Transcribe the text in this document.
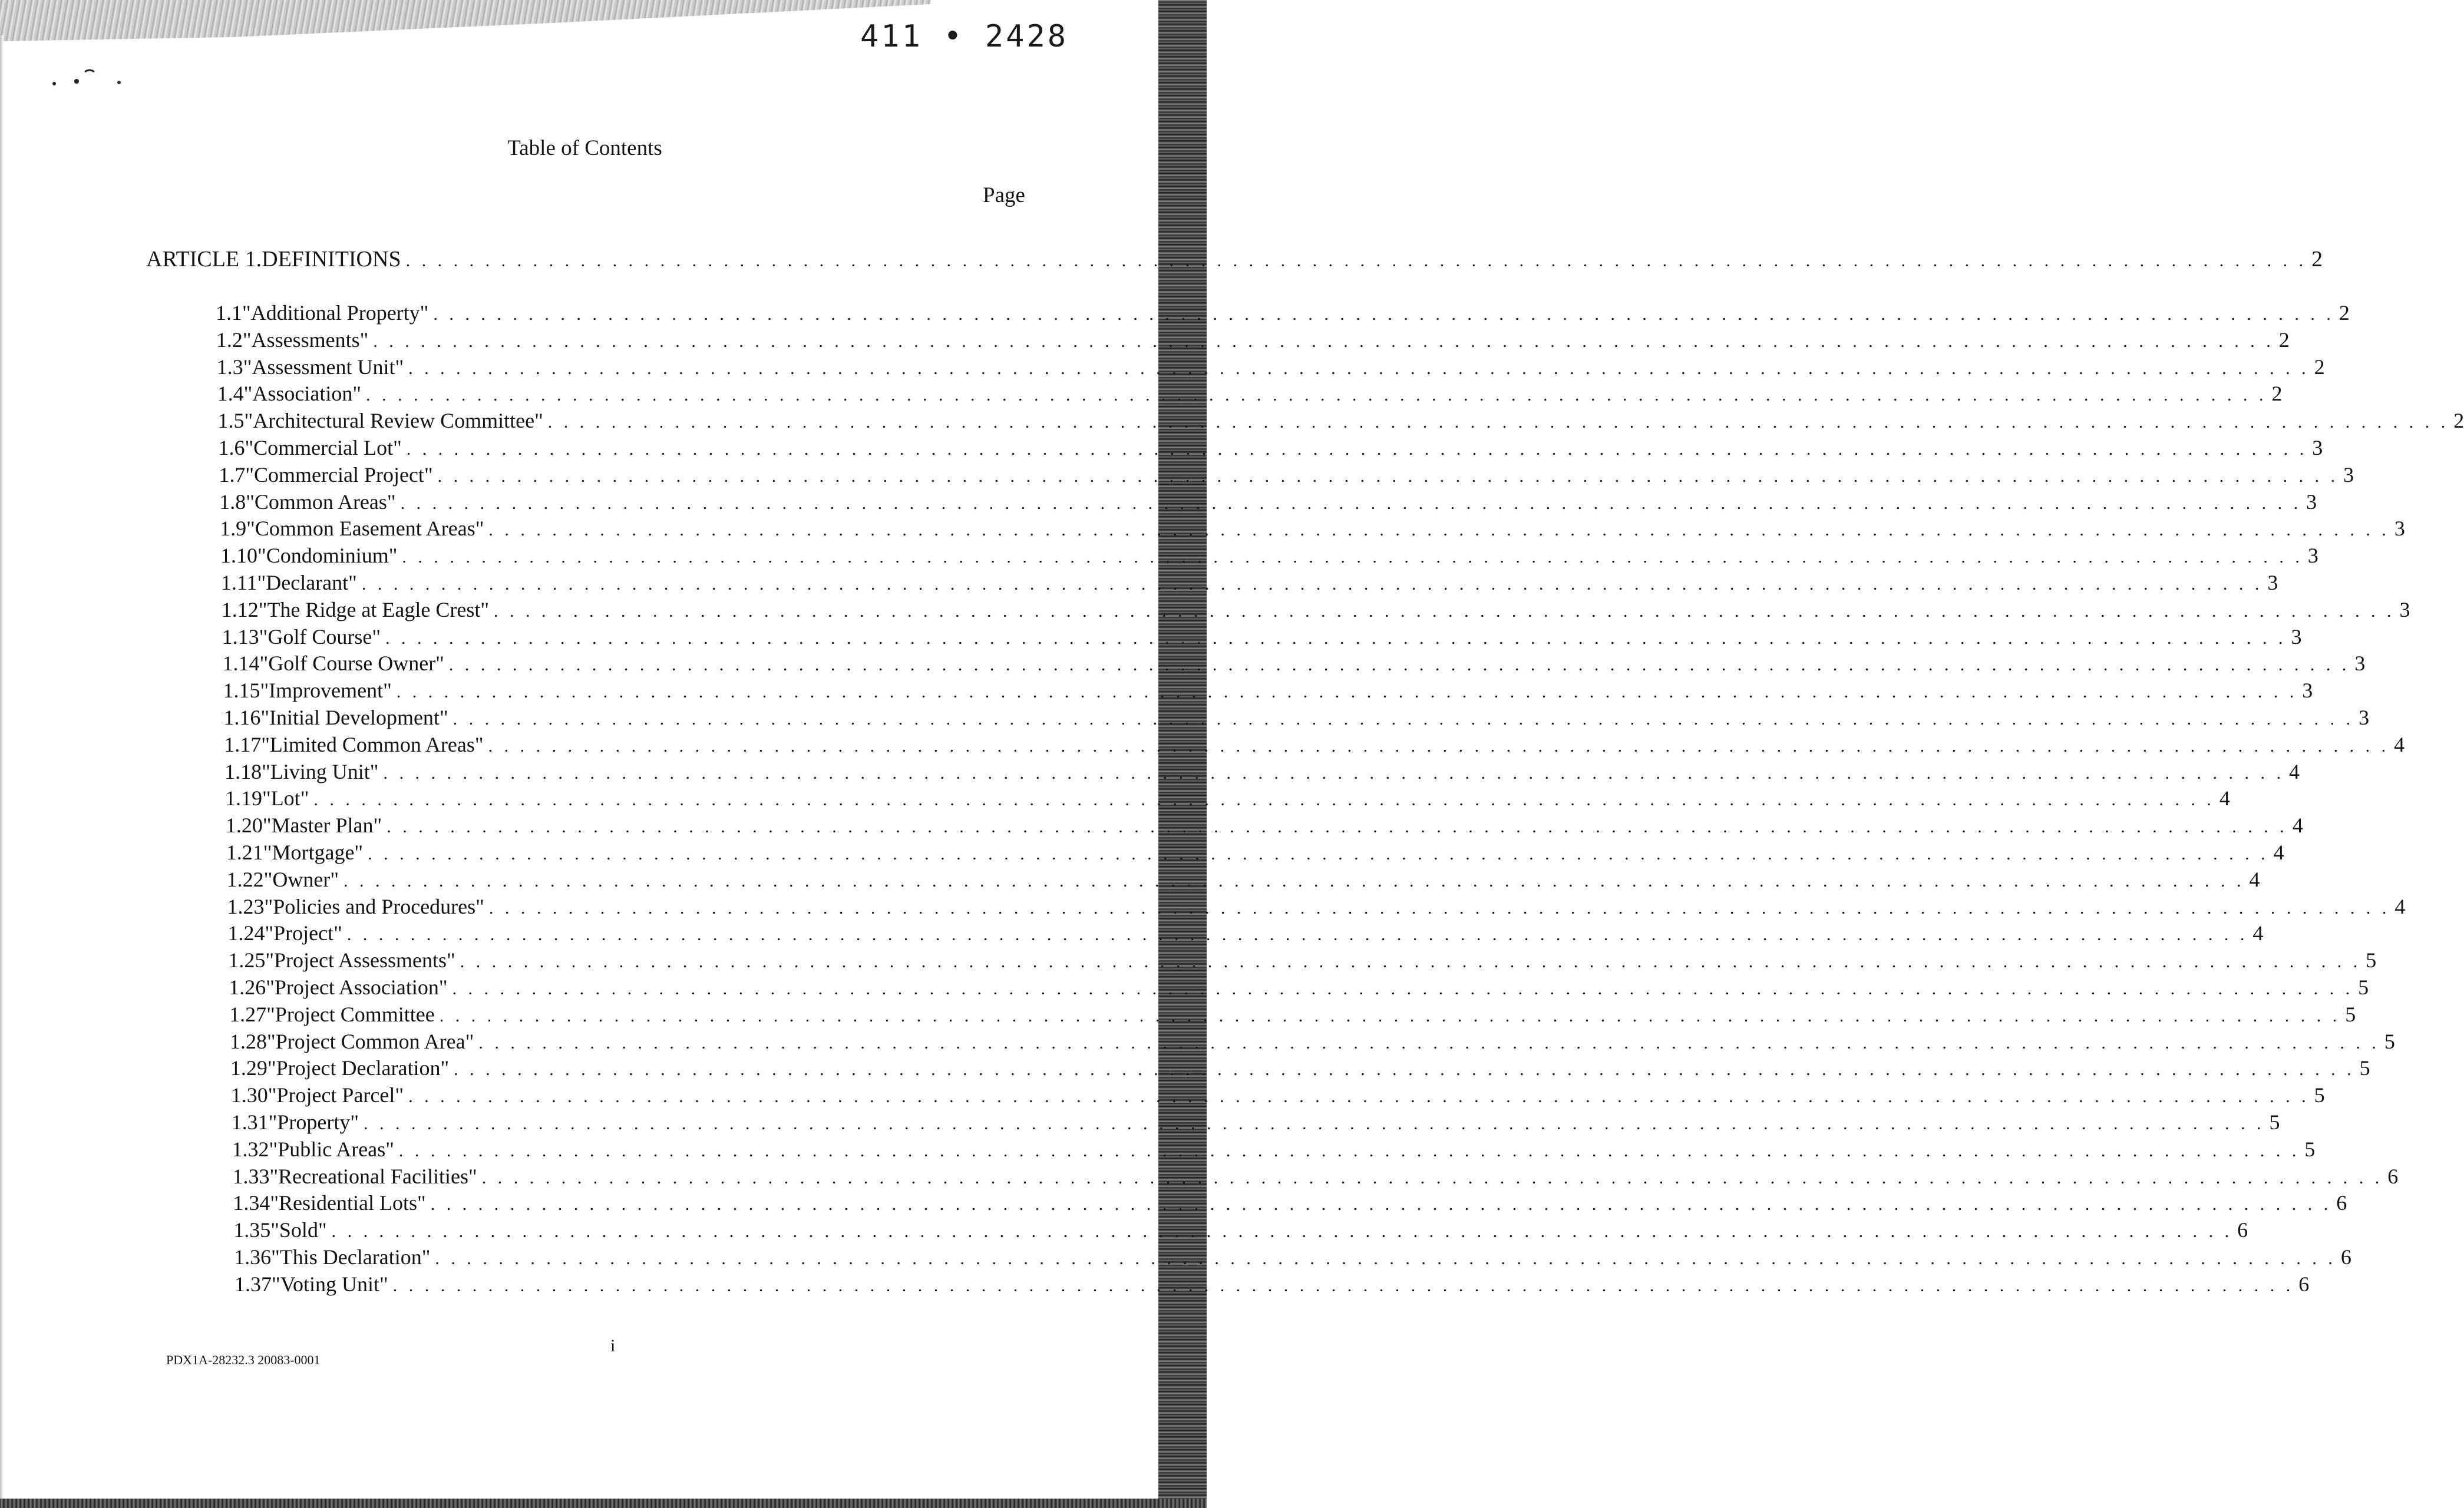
411 • 2428
Table of Contents
Page
ARTICLE 1. DEFINITIONS . . . . . . . . . . . . . . . . . . . . . . . . . . . . . . . . . . . . . . . . . . . . . . . . . . . . . . . . . . . . . . . . . . . . . . . . . . . . . . . . . . . . . . . . . . . . . . . . . . . . . . . . . . . . . . . . . . . . . . . . 2
1.1 "Additional Property" . . . . . . . . . . . . . . . . . . . . . . . . . . . . . . . . . . . . . . . . . . . . . . . . . . . . . . . . . . . . . . . . . . . . . . . . . . . . . . . . . . . . . . . . . . . . . . . . . . . . . . . . . . . . . . . . . . . . . . . . 2
1.2 "Assessments" . . . . . . . . . . . . . . . . . . . . . . . . . . . . . . . . . . . . . . . . . . . . . . . . . . . . . . . . . . . . . . . . . . . . . . . . . . . . . . . . . . . . . . . . . . . . . . . . . . . . . . . . . . . . . . . . . . . . . . . . 2
1.3 "Assessment Unit" . . . . . . . . . . . . . . . . . . . . . . . . . . . . . . . . . . . . . . . . . . . . . . . . . . . . . . . . . . . . . . . . . . . . . . . . . . . . . . . . . . . . . . . . . . . . . . . . . . . . . . . . . . . . . . . . . . . . . . . . 2
1.4 "Association" . . . . . . . . . . . . . . . . . . . . . . . . . . . . . . . . . . . . . . . . . . . . . . . . . . . . . . . . . . . . . . . . . . . . . . . . . . . . . . . . . . . . . . . . . . . . . . . . . . . . . . . . . . . . . . . . . . . . . . . . 2
1.5 "Architectural Review Committee" . . . . . . . . . . . . . . . . . . . . . . . . . . . . . . . . . . . . . . . . . . . . . . . . . . . . . . . . . . . . . . . . . . . . . . . . . . . . . . . . . . . . . . . . . . . . . . . . . . . . . . . . . . . . . . . . . . . . . . . . 2
1.6 "Commercial Lot" . . . . . . . . . . . . . . . . . . . . . . . . . . . . . . . . . . . . . . . . . . . . . . . . . . . . . . . . . . . . . . . . . . . . . . . . . . . . . . . . . . . . . . . . . . . . . . . . . . . . . . . . . . . . . . . . . . . . . . . . 3
1.7 "Commercial Project" . . . . . . . . . . . . . . . . . . . . . . . . . . . . . . . . . . . . . . . . . . . . . . . . . . . . . . . . . . . . . . . . . . . . . . . . . . . . . . . . . . . . . . . . . . . . . . . . . . . . . . . . . . . . . . . . . . . . . . . . 3
1.8 "Common Areas" . . . . . . . . . . . . . . . . . . . . . . . . . . . . . . . . . . . . . . . . . . . . . . . . . . . . . . . . . . . . . . . . . . . . . . . . . . . . . . . . . . . . . . . . . . . . . . . . . . . . . . . . . . . . . . . . . . . . . . . . 3
1.9 "Common Easement Areas" . . . . . . . . . . . . . . . . . . . . . . . . . . . . . . . . . . . . . . . . . . . . . . . . . . . . . . . . . . . . . . . . . . . . . . . . . . . . . . . . . . . . . . . . . . . . . . . . . . . . . . . . . . . . . . . . . . . . . . . . 3
1.10 "Condominium" . . . . . . . . . . . . . . . . . . . . . . . . . . . . . . . . . . . . . . . . . . . . . . . . . . . . . . . . . . . . . . . . . . . . . . . . . . . . . . . . . . . . . . . . . . . . . . . . . . . . . . . . . . . . . . . . . . . . . . . . 3
1.11 "Declarant" . . . . . . . . . . . . . . . . . . . . . . . . . . . . . . . . . . . . . . . . . . . . . . . . . . . . . . . . . . . . . . . . . . . . . . . . . . . . . . . . . . . . . . . . . . . . . . . . . . . . . . . . . . . . . . . . . . . . . . . . 3
1.12 "The Ridge at Eagle Crest" . . . . . . . . . . . . . . . . . . . . . . . . . . . . . . . . . . . . . . . . . . . . . . . . . . . . . . . . . . . . . . . . . . . . . . . . . . . . . . . . . . . . . . . . . . . . . . . . . . . . . . . . . . . . . . . . . . . . . . . . 3
1.13 "Golf Course" . . . . . . . . . . . . . . . . . . . . . . . . . . . . . . . . . . . . . . . . . . . . . . . . . . . . . . . . . . . . . . . . . . . . . . . . . . . . . . . . . . . . . . . . . . . . . . . . . . . . . . . . . . . . . . . . . . . . . . . . 3
1.14 "Golf Course Owner" . . . . . . . . . . . . . . . . . . . . . . . . . . . . . . . . . . . . . . . . . . . . . . . . . . . . . . . . . . . . . . . . . . . . . . . . . . . . . . . . . . . . . . . . . . . . . . . . . . . . . . . . . . . . . . . . . . . . . . . . 3
1.15 "Improvement" . . . . . . . . . . . . . . . . . . . . . . . . . . . . . . . . . . . . . . . . . . . . . . . . . . . . . . . . . . . . . . . . . . . . . . . . . . . . . . . . . . . . . . . . . . . . . . . . . . . . . . . . . . . . . . . . . . . . . . . . 3
1.16 "Initial Development" . . . . . . . . . . . . . . . . . . . . . . . . . . . . . . . . . . . . . . . . . . . . . . . . . . . . . . . . . . . . . . . . . . . . . . . . . . . . . . . . . . . . . . . . . . . . . . . . . . . . . . . . . . . . . . . . . . . . . . . . 3
1.17 "Limited Common Areas" . . . . . . . . . . . . . . . . . . . . . . . . . . . . . . . . . . . . . . . . . . . . . . . . . . . . . . . . . . . . . . . . . . . . . . . . . . . . . . . . . . . . . . . . . . . . . . . . . . . . . . . . . . . . . . . . . . . . . . . . 4
1.18 "Living Unit" . . . . . . . . . . . . . . . . . . . . . . . . . . . . . . . . . . . . . . . . . . . . . . . . . . . . . . . . . . . . . . . . . . . . . . . . . . . . . . . . . . . . . . . . . . . . . . . . . . . . . . . . . . . . . . . . . . . . . . . . 4
1.19 "Lot" . . . . . . . . . . . . . . . . . . . . . . . . . . . . . . . . . . . . . . . . . . . . . . . . . . . . . . . . . . . . . . . . . . . . . . . . . . . . . . . . . . . . . . . . . . . . . . . . . . . . . . . . . . . . . . . . . . . . . . . . 4
1.20 "Master Plan" . . . . . . . . . . . . . . . . . . . . . . . . . . . . . . . . . . . . . . . . . . . . . . . . . . . . . . . . . . . . . . . . . . . . . . . . . . . . . . . . . . . . . . . . . . . . . . . . . . . . . . . . . . . . . . . . . . . . . . . . 4
1.21 "Mortgage" . . . . . . . . . . . . . . . . . . . . . . . . . . . . . . . . . . . . . . . . . . . . . . . . . . . . . . . . . . . . . . . . . . . . . . . . . . . . . . . . . . . . . . . . . . . . . . . . . . . . . . . . . . . . . . . . . . . . . . . . 4
1.22 "Owner" . . . . . . . . . . . . . . . . . . . . . . . . . . . . . . . . . . . . . . . . . . . . . . . . . . . . . . . . . . . . . . . . . . . . . . . . . . . . . . . . . . . . . . . . . . . . . . . . . . . . . . . . . . . . . . . . . . . . . . . . 4
1.23 "Policies and Procedures" . . . . . . . . . . . . . . . . . . . . . . . . . . . . . . . . . . . . . . . . . . . . . . . . . . . . . . . . . . . . . . . . . . . . . . . . . . . . . . . . . . . . . . . . . . . . . . . . . . . . . . . . . . . . . . . . . . . . . . . . 4
1.24 "Project" . . . . . . . . . . . . . . . . . . . . . . . . . . . . . . . . . . . . . . . . . . . . . . . . . . . . . . . . . . . . . . . . . . . . . . . . . . . . . . . . . . . . . . . . . . . . . . . . . . . . . . . . . . . . . . . . . . . . . . . . 4
1.25 "Project Assessments" . . . . . . . . . . . . . . . . . . . . . . . . . . . . . . . . . . . . . . . . . . . . . . . . . . . . . . . . . . . . . . . . . . . . . . . . . . . . . . . . . . . . . . . . . . . . . . . . . . . . . . . . . . . . . . . . . . . . . . . . 5
1.26 "Project Association" . . . . . . . . . . . . . . . . . . . . . . . . . . . . . . . . . . . . . . . . . . . . . . . . . . . . . . . . . . . . . . . . . . . . . . . . . . . . . . . . . . . . . . . . . . . . . . . . . . . . . . . . . . . . . . . . . . . . . . . . 5
1.27 "Project Committee . . . . . . . . . . . . . . . . . . . . . . . . . . . . . . . . . . . . . . . . . . . . . . . . . . . . . . . . . . . . . . . . . . . . . . . . . . . . . . . . . . . . . . . . . . . . . . . . . . . . . . . . . . . . . . . . . . . . . . . . 5
1.28 "Project Common Area" . . . . . . . . . . . . . . . . . . . . . . . . . . . . . . . . . . . . . . . . . . . . . . . . . . . . . . . . . . . . . . . . . . . . . . . . . . . . . . . . . . . . . . . . . . . . . . . . . . . . . . . . . . . . . . . . . . . . . . . . 5
1.29 "Project Declaration" . . . . . . . . . . . . . . . . . . . . . . . . . . . . . . . . . . . . . . . . . . . . . . . . . . . . . . . . . . . . . . . . . . . . . . . . . . . . . . . . . . . . . . . . . . . . . . . . . . . . . . . . . . . . . . . . . . . . . . . . 5
1.30 "Project Parcel" . . . . . . . . . . . . . . . . . . . . . . . . . . . . . . . . . . . . . . . . . . . . . . . . . . . . . . . . . . . . . . . . . . . . . . . . . . . . . . . . . . . . . . . . . . . . . . . . . . . . . . . . . . . . . . . . . . . . . . . . 5
1.31 "Property" . . . . . . . . . . . . . . . . . . . . . . . . . . . . . . . . . . . . . . . . . . . . . . . . . . . . . . . . . . . . . . . . . . . . . . . . . . . . . . . . . . . . . . . . . . . . . . . . . . . . . . . . . . . . . . . . . . . . . . . . 5
1.32 "Public Areas" . . . . . . . . . . . . . . . . . . . . . . . . . . . . . . . . . . . . . . . . . . . . . . . . . . . . . . . . . . . . . . . . . . . . . . . . . . . . . . . . . . . . . . . . . . . . . . . . . . . . . . . . . . . . . . . . . . . . . . . . 5
1.33 "Recreational Facilities" . . . . . . . . . . . . . . . . . . . . . . . . . . . . . . . . . . . . . . . . . . . . . . . . . . . . . . . . . . . . . . . . . . . . . . . . . . . . . . . . . . . . . . . . . . . . . . . . . . . . . . . . . . . . . . . . . . . . . . . . 6
1.34 "Residential Lots" . . . . . . . . . . . . . . . . . . . . . . . . . . . . . . . . . . . . . . . . . . . . . . . . . . . . . . . . . . . . . . . . . . . . . . . . . . . . . . . . . . . . . . . . . . . . . . . . . . . . . . . . . . . . . . . . . . . . . . . . 6
1.35 "Sold" . . . . . . . . . . . . . . . . . . . . . . . . . . . . . . . . . . . . . . . . . . . . . . . . . . . . . . . . . . . . . . . . . . . . . . . . . . . . . . . . . . . . . . . . . . . . . . . . . . . . . . . . . . . . . . . . . . . . . . . . 6
1.36 "This Declaration" . . . . . . . . . . . . . . . . . . . . . . . . . . . . . . . . . . . . . . . . . . . . . . . . . . . . . . . . . . . . . . . . . . . . . . . . . . . . . . . . . . . . . . . . . . . . . . . . . . . . . . . . . . . . . . . . . . . . . . . . 6
1.37 "Voting Unit" . . . . . . . . . . . . . . . . . . . . . . . . . . . . . . . . . . . . . . . . . . . . . . . . . . . . . . . . . . . . . . . . . . . . . . . . . . . . . . . . . . . . . . . . . . . . . . . . . . . . . . . . . . . . . . . . . . . . . . . . 6
PDX1A-28232.3 20083-0001
i
